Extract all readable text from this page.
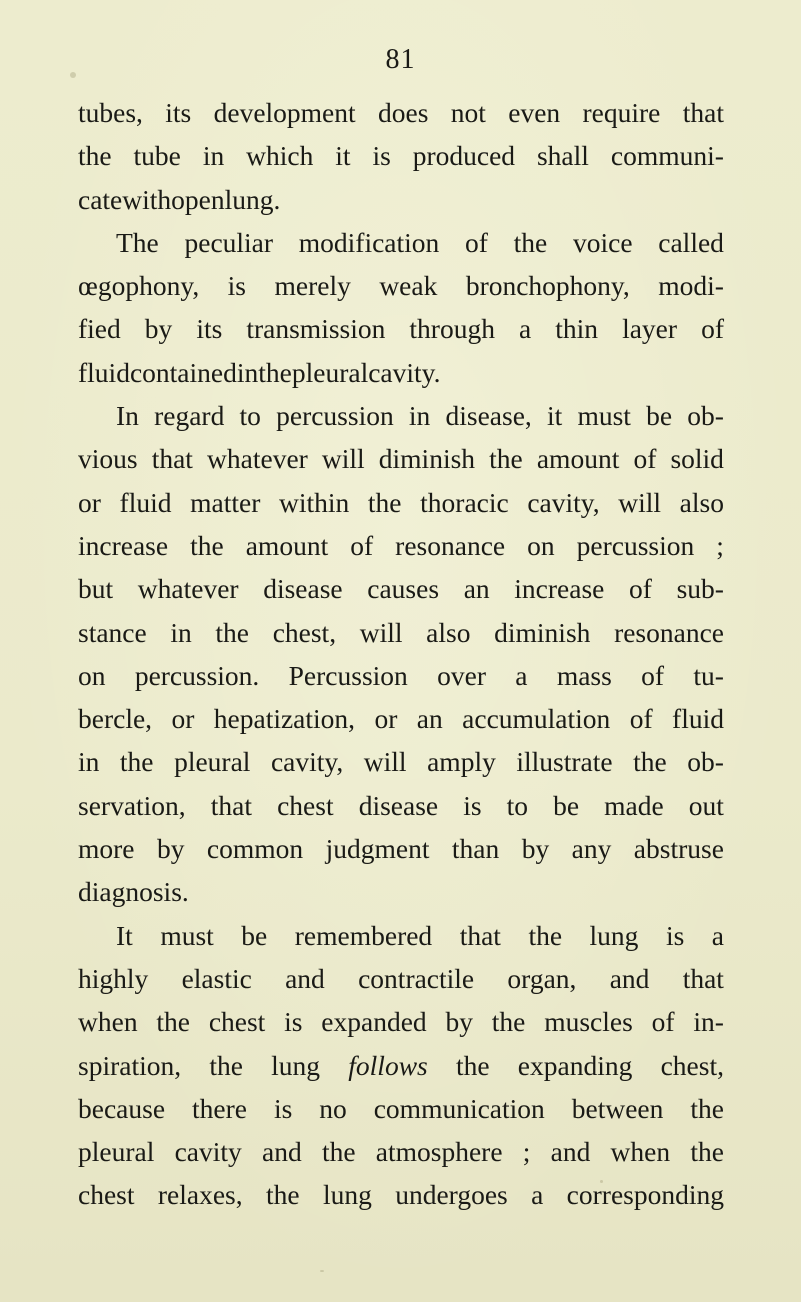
81
tubes, its development does not even require that
the tube in which it is produced shall communi-
cate with open lung.
The peculiar modification of the voice called
œgophony, is merely weak bronchophony, modi-
fied by its transmission through a thin layer of
fluid contained in the pleural cavity.
In regard to percussion in disease, it must be ob-
vious that whatever will diminish the amount of solid
or fluid matter within the thoracic cavity, will also
increase the amount of resonance on percussion ;
but whatever disease causes an increase of sub-
stance in the chest, will also diminish resonance
on percussion. Percussion over a mass of tu-
bercle, or hepatization, or an accumulation of fluid
in the pleural cavity, will amply illustrate the ob-
servation, that chest disease is to be made out
more by common judgment than by any abstruse
diagnosis.
It must be remembered that the lung is a
highly elastic and contractile organ, and that
when the chest is expanded by the muscles of in-
spiration, the lung follows the expanding chest,
because there is no communication between the
pleural cavity and the atmosphere ; and when the
chest relaxes, the lung undergoes a corresponding
